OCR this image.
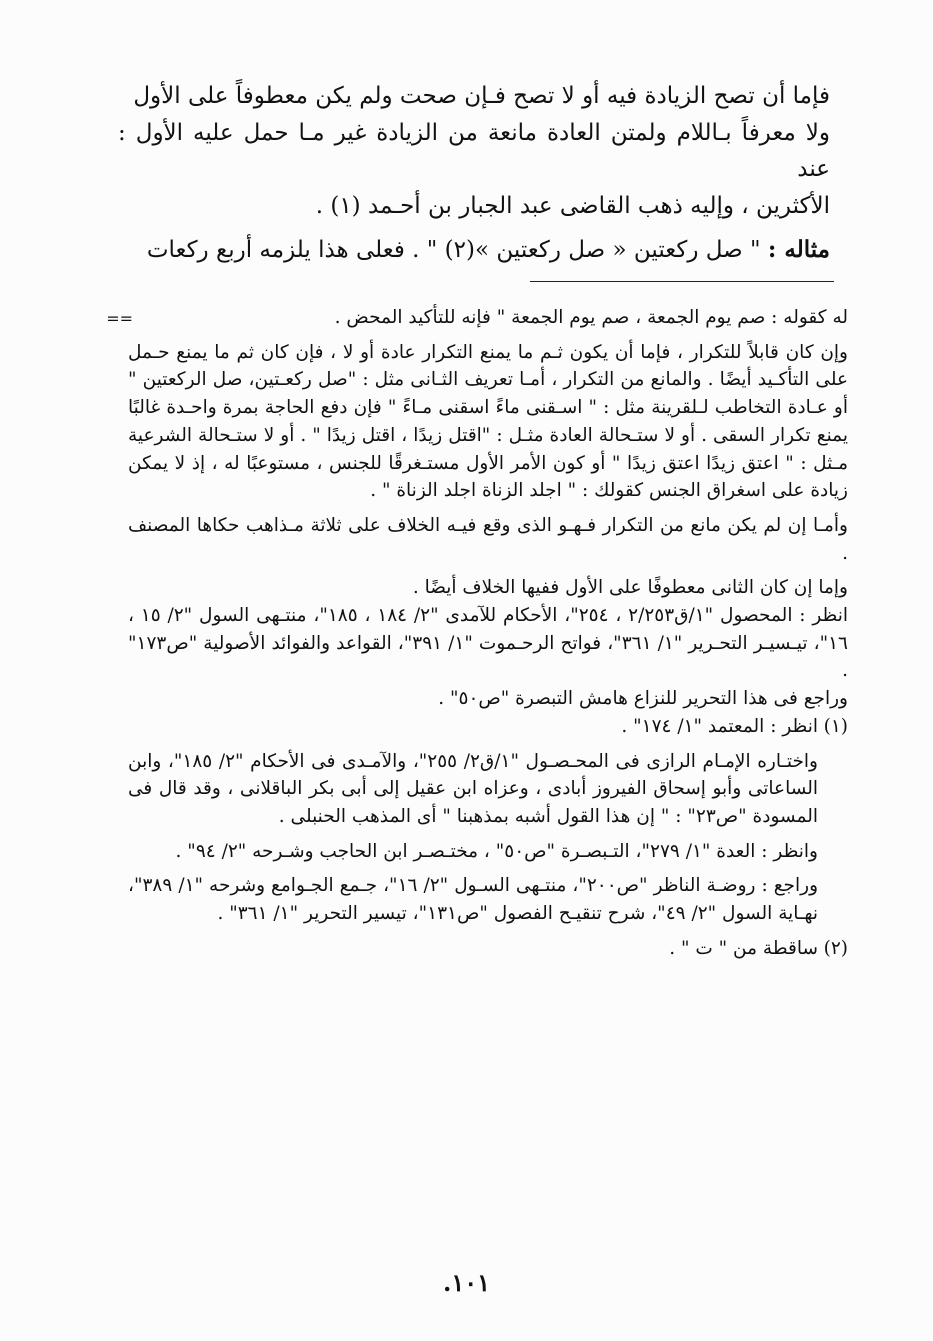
فإما أن تصح الزيادة فيه أو لا تصح فـإن صحت ولم يكن معطوفاً على الأول

ولا معرفاً بـاللام ولمتن العادة مانعة من الزيادة غير مـا حمل عليه الأول : عند

الأكثرين ، وإليه ذهب القاضى عبد الجبار بن أحـمد (١) .

مثاله : " صل ركعتين « صل ركعتين »(٢) " . فعلى هذا يلزمه أربع ركعات

==	له كقوله : صم يوم الجمعة ، صم يوم الجمعة " فإنه للتأكيد المحض .

وإن كان قابلاً للتكرار ، فإما أن يكون ثـم ما يمنع التكرار عادة أو لا ، فإن كان ثم ما يمنع حـمل على التأكـيد أيضًا . والمانع من التكرار ، أمـا تعريف الثـانى مثل : "صل ركعـتين، صل الركعتين " أو عـادة التخاطب لـلقرينة مثل : " اسـقنى ماءً اسقنى مـاءً " فإن دفع الحاجة بمرة واحـدة غالبًا يمنع تكرار السقى . أو لا ستـحالة العادة مثـل : "اقتل زيدًا ، اقتل زيدًا " . أو لا ستـحالة الشرعية مـثل : " اعتق زيدًا اعتق زيدًا " أو كون الأمر الأول مستـغرقًا للجنس ، مستوعبًا له ، إذ لا يمكن زيادة على اسغراق الجنس كقولك : " اجلد الزناة اجلد الزناة " .

وأمـا إن لم يكن مانع من التكرار فـهـو الذى وقع فيـه الخلاف على ثلاثة مـذاهب حكاها المصنف .

وإما إن كان الثانى معطوفًا على الأول ففيها الخلاف أيضًا .

انظر : المحصول "١/ق٢/٢٥٣ ، ٢٥٤"، الأحكام للآمدى "٢/ ١٨٤ ، ١٨٥"، منتـهى السول "٢/ ١٥ ، ١٦"، تيـسيـر التحـرير "١/ ٣٦١"، فواتح الرحـموت "١/ ٣٩١"، القواعد والفوائد الأصولية "ص١٧٣" .

وراجع فى هذا التحرير للنزاع هامش التبصرة "ص٥٠" .

(١)انظر : المعتمد "١/ ١٧٤" .

واختـاره الإمـام الرازى فى المحـصـول "١/ق٢/ ٢٥٥"، والآمـدى فى الأحكام "٢/ ١٨٥"، وابن الساعاتى وأبو إسحاق الفيروز أبادى ، وعزاه ابن عقيل إلى أبى بكر الباقلانى ، وقد قال فى المسودة "ص٢٣" : " إن هذا القول أشبه بمذهبنا " أى المذهب الحنبلى .

وانظر : العدة "١/ ٢٧٩"، التـبصـرة "ص٥٠" ، مختـصـر ابن الحاجب وشـرحه "٢/ ٩٤" .

وراجع : روضـة الناظر "ص٢٠٠"، منتـهى السـول "٢/ ١٦"، جـمع الجـوامع وشرحه "١/ ٣٨٩"، نهـاية السول "٢/ ٤٩"، شرح تنقيـح الفصول "ص١٣١"، تيسير التحرير "١/ ٣٦١" .

(٢)ساقطة من " ت " .

١٠١.
